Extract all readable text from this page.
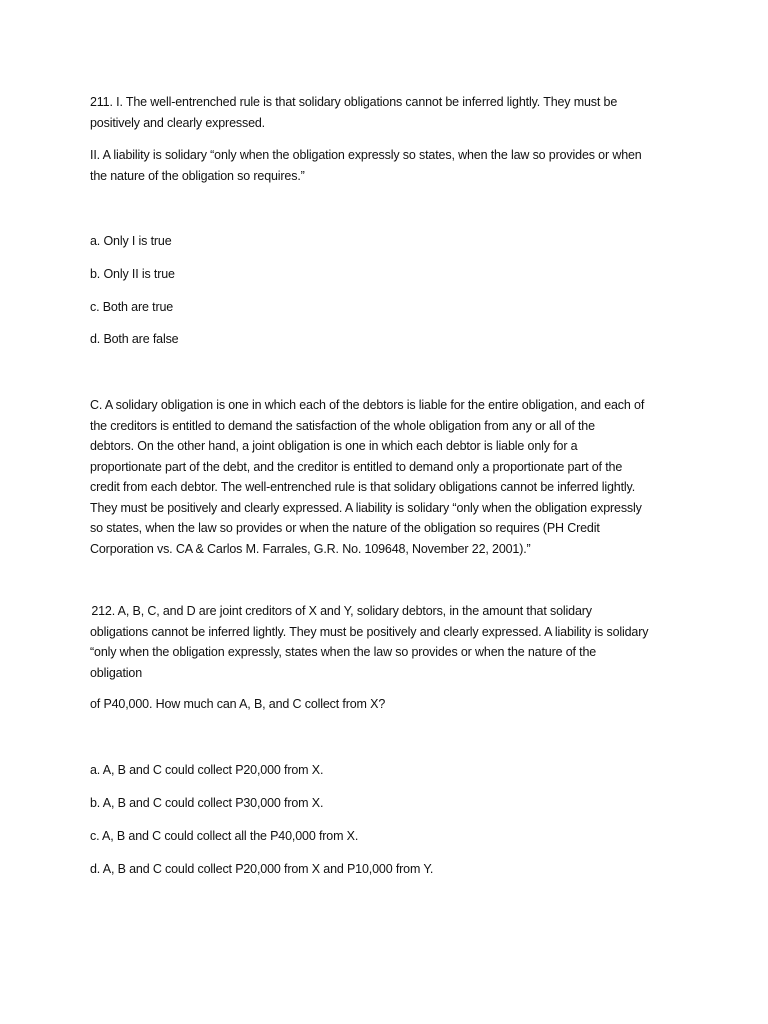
211. I. The well-entrenched rule is that solidary obligations cannot be inferred lightly. They must be
positively and clearly expressed.
II. A liability is solidary “only when the obligation expressly so states, when the law so provides or when
the nature of the obligation so requires.”
a. Only I is true
b. Only II is true
c. Both are true
d. Both are false
C. A solidary obligation is one in which each of the debtors is liable for the entire obligation, and each of
the creditors is entitled to demand the satisfaction of the whole obligation from any or all of the
debtors. On the other hand, a joint obligation is one in which each debtor is liable only for a
proportionate part of the debt, and the creditor is entitled to demand only a proportionate part of the
credit from each debtor. The well-entrenched rule is that solidary obligations cannot be inferred lightly.
They must be positively and clearly expressed. A liability is solidary “only when the obligation expressly
so states, when the law so provides or when the nature of the obligation so requires (PH Credit
Corporation vs. CA & Carlos M. Farrales, G.R. No. 109648, November 22, 2001).”
212. A, B, C, and D are joint creditors of X and Y, solidary debtors, in the amount that solidary
obligations cannot be inferred lightly. They must be positively and clearly expressed. A liability is solidary
“only when the obligation expressly, states when the law so provides or when the nature of the
obligation
of P40,000. How much can A, B, and C collect from X?
a. A, B and C could collect P20,000 from X.
b. A, B and C could collect P30,000 from X.
c. A, B and C could collect all the P40,000 from X.
d. A, B and C could collect P20,000 from X and P10,000 from Y.
